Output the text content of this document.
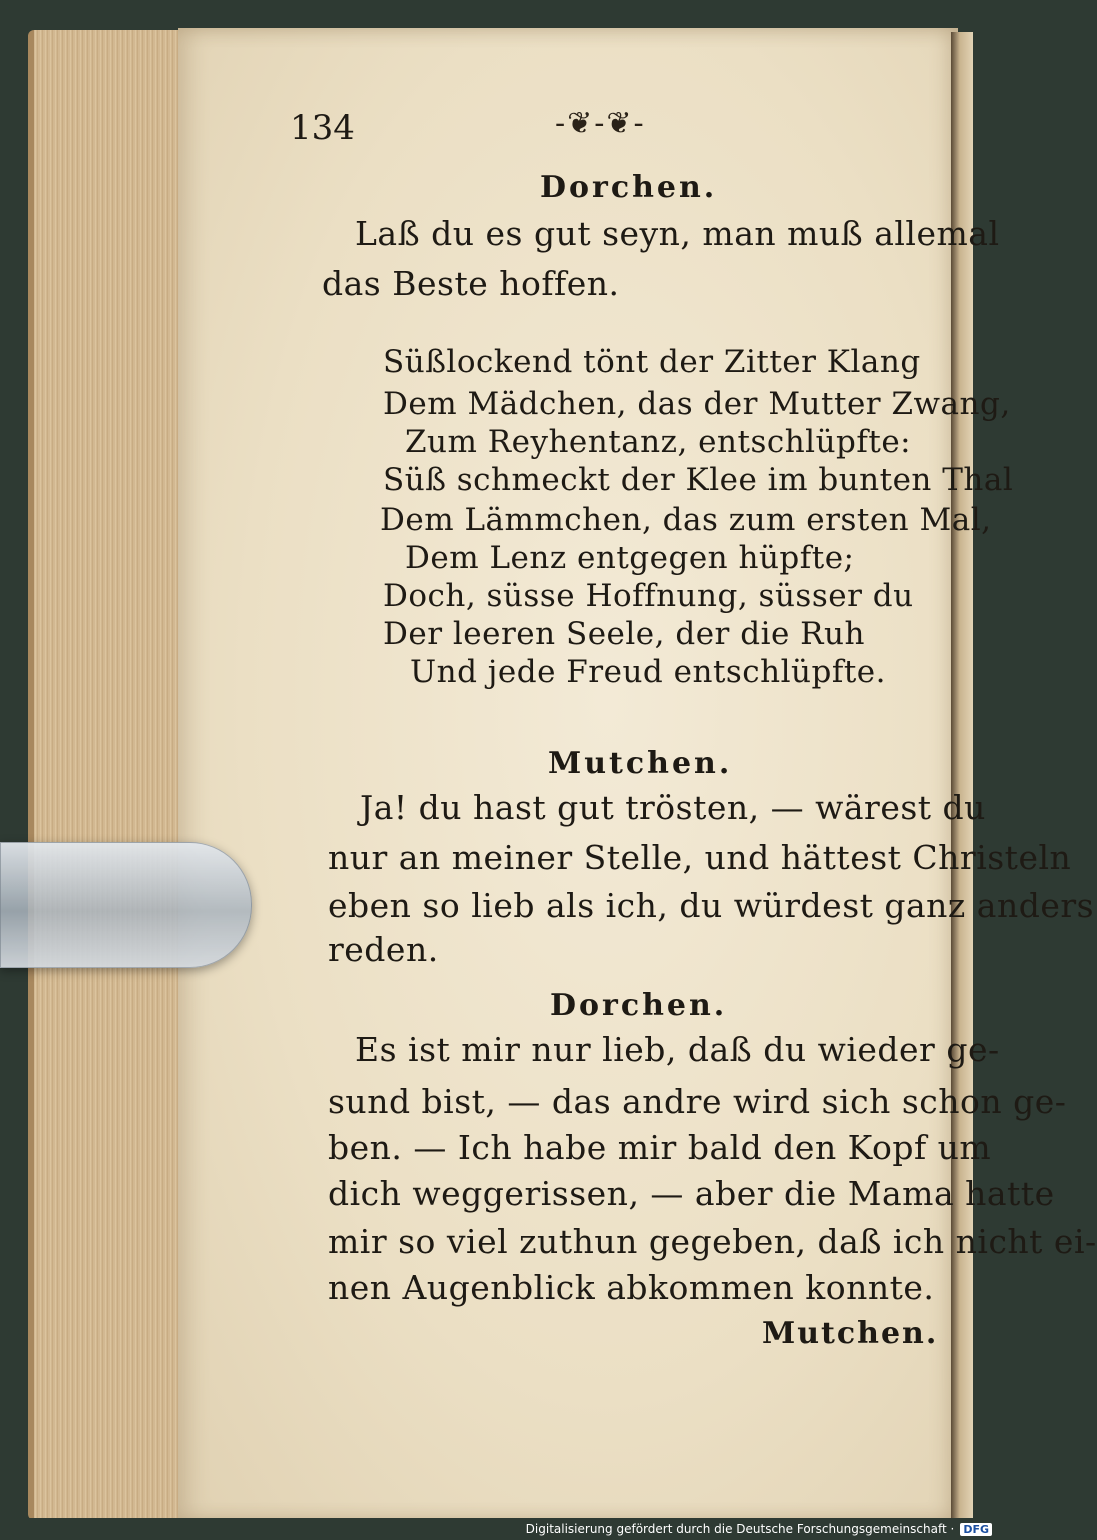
134	-❦-❦-
Dorchen.
Laß du es gut seyn, man muß allemal
das Beste hoffen.
Süßlockend tönt der Zitter Klang
Dem Mädchen, das der Mutter Zwang,
Zum Reyhentanz, entschlüpfte:
Süß schmeckt der Klee im bunten Thal
Dem Lämmchen, das zum ersten Mal,
Dem Lenz entgegen hüpfte;
Doch, süsse Hoffnung, süsser du
Der leeren Seele, der die Ruh
Und jede Freud entschlüpfte.
Mutchen.
Ja! du hast gut trösten, — wärest du
nur an meiner Stelle, und hättest Christeln
eben so lieb als ich, du würdest ganz anders
reden.
Dorchen.
Es ist mir nur lieb, daß du wieder ge-
sund bist, — das andre wird sich schon ge-
ben. — Ich habe mir bald den Kopf um
dich weggerissen, — aber die Mama hatte
mir so viel zuthun gegeben, daß ich nicht ei-
nen Augenblick abkommen konnte.
Mutchen.
Digitalisierung gefördert durch die Deutsche Forschungsgemeinschaft · DFG
